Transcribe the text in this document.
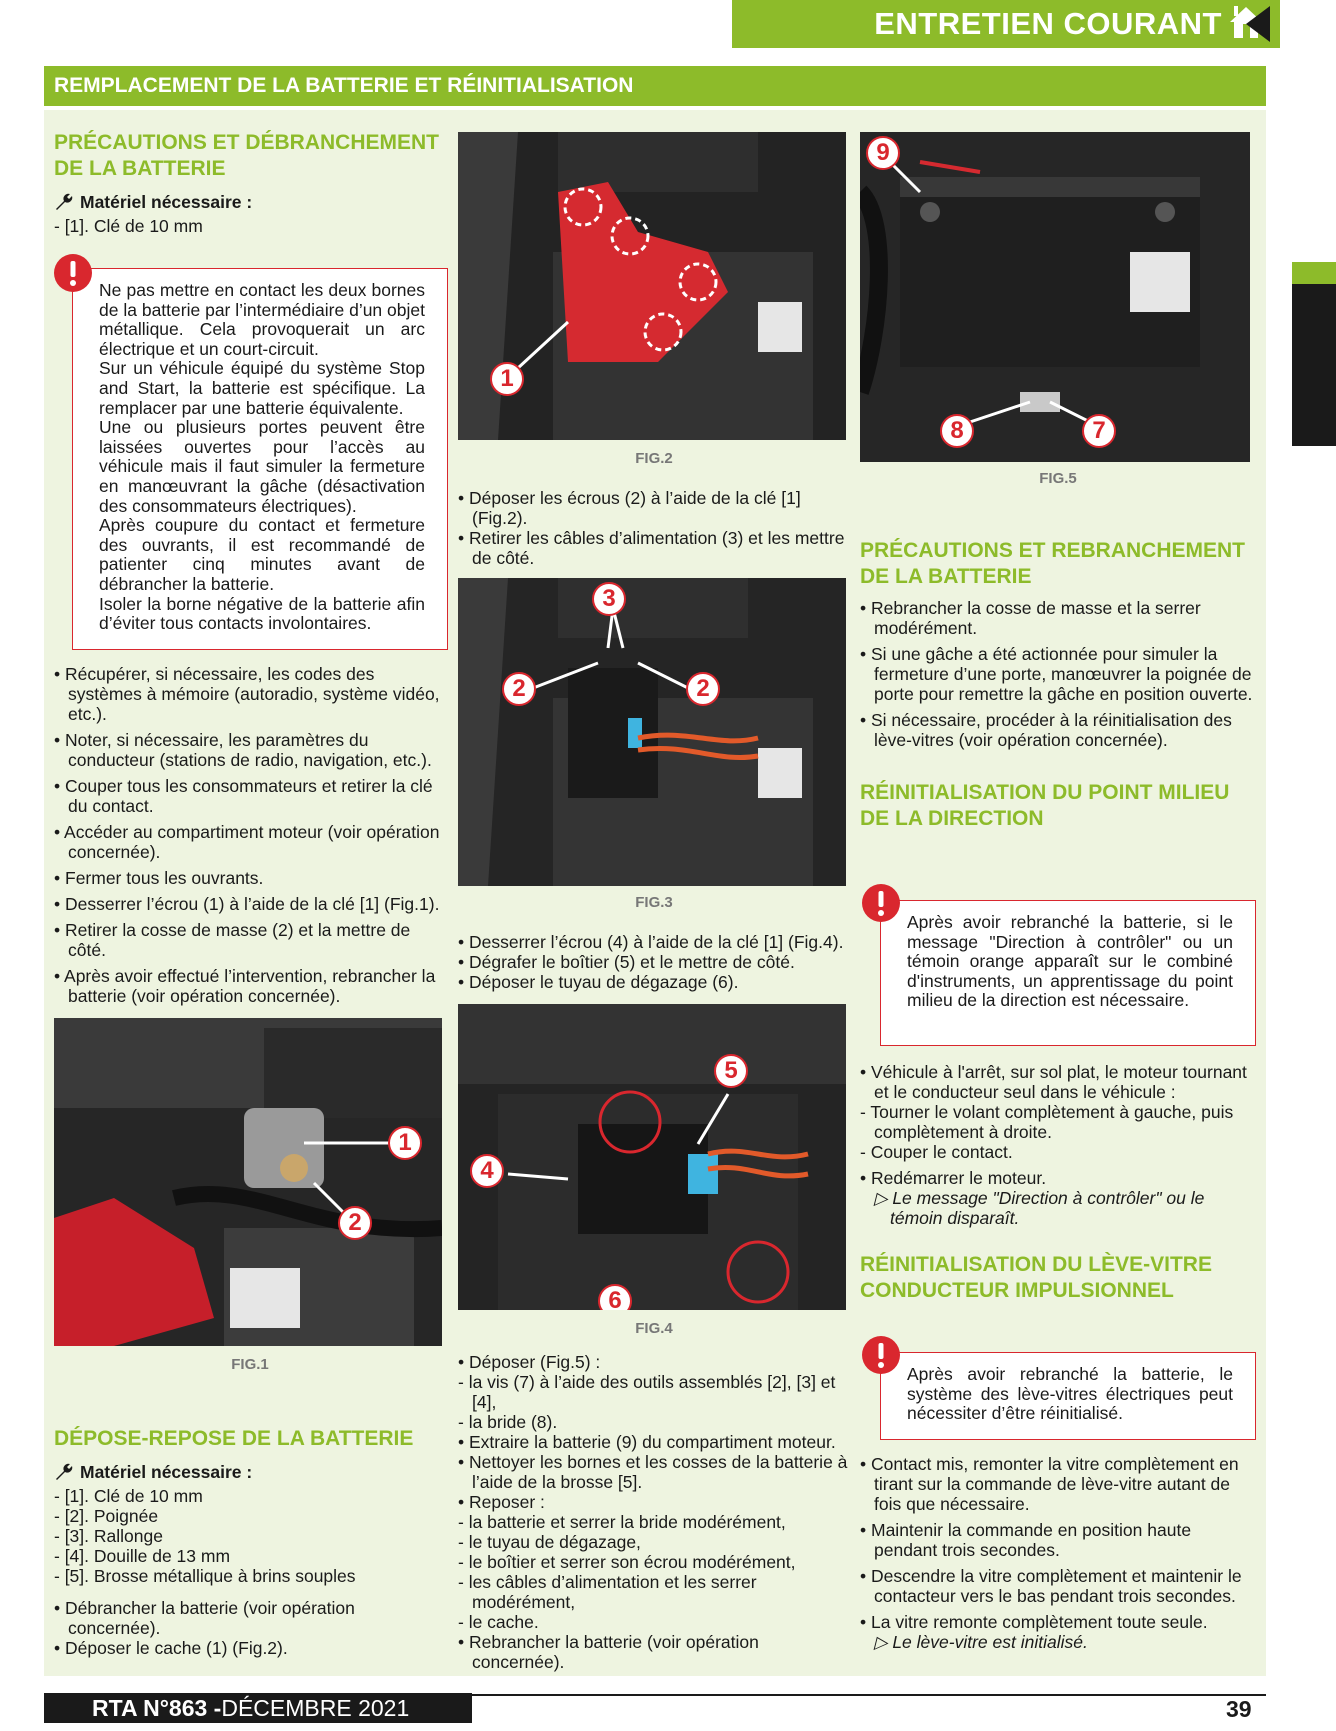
ENTRETIEN COURANT
REMPLACEMENT DE LA BATTERIE ET RÉINITIALISATION
PRÉCAUTIONS ET DÉBRANCHEMENT DE LA BATTERIE
Matériel nécessaire :
- [1]. Clé de 10 mm
Ne pas mettre en contact les deux bornes de la batterie par l’intermédiaire d’un objet métallique. Cela provoquerait un arc électrique et un court-circuit.
Sur un véhicule équipé du système Stop and Start, la batterie est spécifique. La remplacer par une batterie équivalente.
Une ou plusieurs portes peuvent être laissées ouvertes pour l’accès au véhicule mais il faut simuler la fermeture en manœuvrant la gâche (désactivation des consommateurs électriques).
Après coupure du contact et fermeture des ouvrants, il est recommandé de patienter cinq minutes avant de débrancher la batterie.
Isoler la borne négative de la batterie afin d’éviter tous contacts involontaires.
• Récupérer, si nécessaire, les codes des systèmes à mémoire (autoradio, système vidéo, etc.).
• Noter, si nécessaire, les paramètres du conducteur (stations de radio, navigation, etc.).
• Couper tous les consommateurs et retirer la clé du contact.
• Accéder au compartiment moteur (voir opération concernée).
• Fermer tous les ouvrants.
• Desserrer l’écrou (1) à l’aide de la clé [1] (Fig.1).
• Retirer la cosse de masse (2) et la mettre de côté.
• Après avoir effectué l’intervention, rebrancher la batterie (voir opération concernée).
1
2
FIG.1
DÉPOSE-REPOSE DE LA BATTERIE
Matériel nécessaire :
- [1]. Clé de 10 mm
- [2]. Poignée
- [3]. Rallonge
- [4]. Douille de 13 mm
- [5]. Brosse métallique à brins souples
• Débrancher la batterie (voir opération concernée).
• Déposer le cache (1) (Fig.2).
1
FIG.2
• Déposer les écrous (2) à l’aide de la clé [1] (Fig.2).
• Retirer les câbles d’alimentation (3) et les mettre de côté.
3
2	2
FIG.3
• Desserrer l’écrou (4) à l’aide de la clé [1] (Fig.4).
• Dégrafer le boîtier (5) et le mettre de côté.
• Déposer le tuyau de dégazage (6).
5
4
6
FIG.4
• Déposer (Fig.5) :
- la vis (7) à l’aide des outils assemblés [2], [3] et [4],
- la bride (8).
• Extraire la batterie (9) du compartiment moteur.
• Nettoyer les bornes et les cosses de la batterie à l’aide de la brosse [5].
• Reposer :
- la batterie et serrer la bride modérément,
- le tuyau de dégazage,
- le boîtier et serrer son écrou modérément,
- les câbles d’alimentation et les serrer modérément,
- le cache.
• Rebrancher la batterie (voir opération concernée).
9
8	7
FIG.5
PRÉCAUTIONS ET REBRANCHEMENT DE LA BATTERIE
• Rebrancher la cosse de masse et la serrer modérément.
• Si une gâche a été actionnée pour simuler la fermeture d’une porte, manœuvrer la poignée de porte pour remettre la gâche en position ouverte.
• Si nécessaire, procéder à la réinitialisation des lève-vitres (voir opération concernée).
RÉINITIALISATION DU POINT MILIEU DE LA DIRECTION
Après avoir rebranché la batterie, si le message "Direction à contrôler" ou un témoin orange apparaît sur le combiné d'instruments, un apprentissage du point milieu de la direction est nécessaire.
• Véhicule à l'arrêt, sur sol plat, le moteur tournant et le conducteur seul dans le véhicule :
- Tourner le volant complètement à gauche, puis complètement à droite.
- Couper le contact.
• Redémarrer le moteur.
▷ Le message "Direction à contrôler" ou le témoin disparaît.
RÉINITIALISATION DU LÈVE-VITRE CONDUCTEUR IMPULSIONNEL
Après avoir rebranché la batterie, le système des lève-vitres électriques peut nécessiter d’être réinitialisé.
• Contact mis, remonter la vitre complètement en tirant sur la commande de lève-vitre autant de fois que nécessaire.
• Maintenir la commande en position haute pendant trois secondes.
• Descendre la vitre complètement et maintenir le contacteur vers le bas pendant trois secondes.
• La vitre remonte complètement toute seule.
▷ Le lève-vitre est initialisé.
RTA N°863 - DÉCEMBRE 2021	39
